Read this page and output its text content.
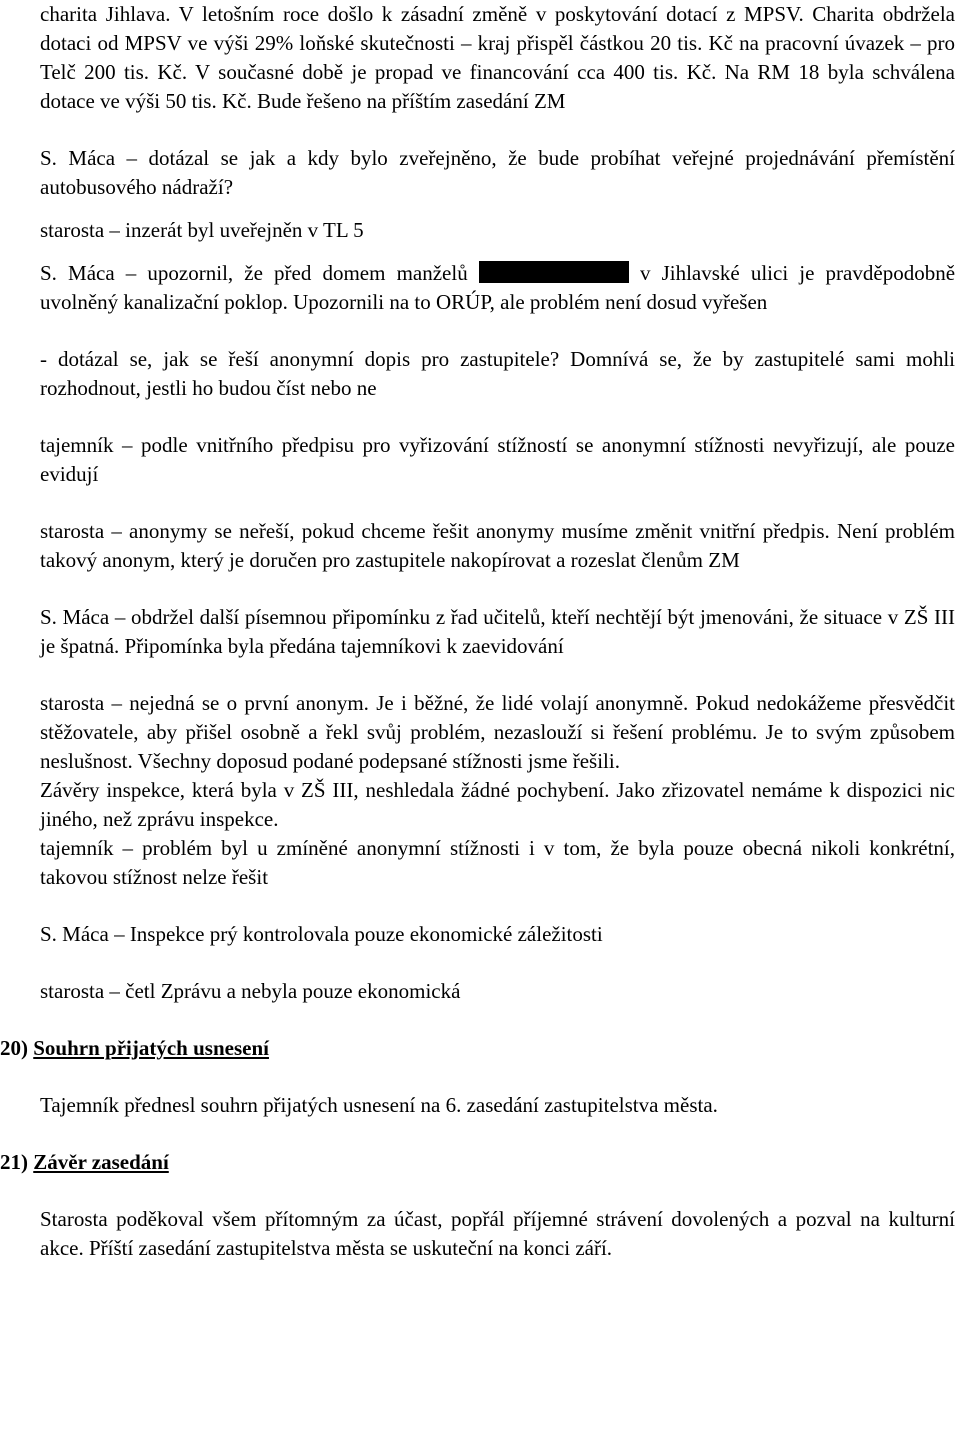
charita Jihlava. V letošním roce došlo k zásadní změně v poskytování dotací z MPSV. Charita obdržela dotaci od MPSV ve výši 29% loňské skutečnosti – kraj přispěl částkou 20 tis. Kč na pracovní úvazek – pro Telč 200 tis. Kč. V současné době je propad ve financování cca 400 tis. Kč. Na RM 18 byla schválena dotace ve výši 50 tis. Kč. Bude řešeno na příštím zasedání ZM

S. Máca – dotázal se jak a kdy bylo zveřejněno, že bude probíhat veřejné projednávání přemístění autobusového nádraží?

starosta – inzerát byl uveřejněn v TL 5

S. Máca – upozornil, že před domem manželů	v Jihlavské ulici je pravděpodobně uvolněný kanalizační poklop. Upozornili na to ORÚP, ale problém není dosud vyřešen

- dotázal se, jak se řeší anonymní dopis pro zastupitele? Domnívá se, že by zastupitelé sami mohli rozhodnout, jestli ho budou číst nebo ne

tajemník – podle vnitřního předpisu pro vyřizování stížností se anonymní stížnosti nevyřizují, ale pouze evidují

starosta – anonymy se neřeší, pokud chceme řešit anonymy musíme změnit vnitřní předpis. Není problém takový anonym, který je doručen pro zastupitele nakopírovat a rozeslat členům ZM

S. Máca – obdržel další písemnou připomínku z řad učitelů, kteří nechtějí být jmenováni, že situace v ZŠ III je špatná. Připomínka byla předána tajemníkovi k zaevidování

starosta – nejedná se o první anonym. Je i běžné, že lidé volají anonymně. Pokud nedokážeme přesvědčit stěžovatele, aby přišel osobně a řekl svůj problém, nezaslouží si řešení problému. Je to svým způsobem neslušnost. Všechny doposud podané podepsané stížnosti jsme řešili.

Závěry inspekce, která byla v ZŠ III, neshledala žádné pochybení. Jako zřizovatel nemáme k dispozici nic jiného, než zprávu inspekce.

tajemník – problém byl u zmíněné anonymní stížnosti i v tom, že byla pouze obecná nikoli konkrétní, takovou stížnost nelze řešit

S. Máca – Inspekce prý kontrolovala pouze ekonomické záležitosti

starosta – četl Zprávu a nebyla pouze ekonomická

20) Souhrn přijatých usnesení

Tajemník přednesl souhrn přijatých usnesení na 6. zasedání zastupitelstva města.

21) Závěr zasedání

Starosta poděkoval všem přítomným za účast, popřál příjemné strávení dovolených a pozval na kulturní akce. Příští zasedání zastupitelstva města se uskuteční na konci září.
